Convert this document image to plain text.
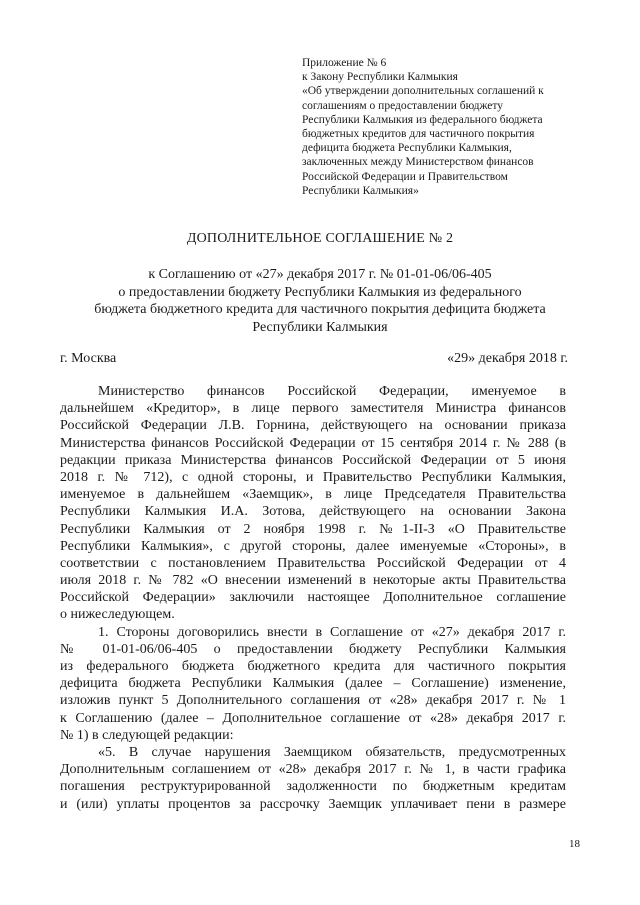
Приложение № 6
к Закону Республики Калмыкия
«Об утверждении дополнительных соглашений к
соглашениям о предоставлении бюджету
Республики Калмыкия из федерального бюджета
бюджетных кредитов для частичного покрытия
дефицита бюджета Республики Калмыкия,
заключенных между Министерством финансов
Российской Федерации и Правительством
Республики Калмыкия»
ДОПОЛНИТЕЛЬНОЕ СОГЛАШЕНИЕ № 2
к Соглашению от «27» декабря 2017 г. № 01-01-06/06-405
о предоставлении бюджету Республики Калмыкия из федерального
бюджета бюджетного кредита для частичного покрытия дефицита бюджета
Республики Калмыкия
г. Москва	«29» декабря 2018 г.
Министерство финансов Российской Федерации, именуемое в
дальнейшем «Кредитор», в лице первого заместителя Министра финансов
Российской Федерации Л.В. Горнина, действующего на основании приказа
Министерства финансов Российской Федерации от 15 сентября 2014 г. № 288 (в
редакции приказа Министерства финансов Российской Федерации от 5 июня
2018 г. № 712), с одной стороны, и Правительство Республики Калмыкия,
именуемое в дальнейшем «Заемщик», в лице Председателя Правительства
Республики Калмыкия И.А. Зотова, действующего на основании Закона
Республики Калмыкия от 2 ноября 1998 г. №1-II-З «О Правительстве
Республики Калмыкия», с другой стороны, далее именуемые «Стороны», в
соответствии с постановлением Правительства Российской Федерации от 4
июля 2018 г. № 782 «О внесении изменений в некоторые акты Правительства
Российской Федерации» заключили настоящее Дополнительное соглашение
о нижеследующем.
1. Стороны договорились внести в Соглашение от «27» декабря 2017 г.
№ 01-01-06/06-405 о предоставлении бюджету Республики Калмыкия
из федерального бюджета бюджетного кредита для частичного покрытия
дефицита бюджета Республики Калмыкия (далее – Соглашение) изменение,
изложив пункт 5 Дополнительного соглашения от «28» декабря 2017 г. № 1
к Соглашению (далее – Дополнительное соглашение от «28» декабря 2017 г.
№ 1) в следующей редакции:
«5. В случае нарушения Заемщиком обязательств, предусмотренных
Дополнительным соглашением от «28» декабря 2017 г. № 1, в части графика
погашения реструктурированной задолженности по бюджетным кредитам
и (или) уплаты процентов за рассрочку Заемщик уплачивает пени в размере
18
